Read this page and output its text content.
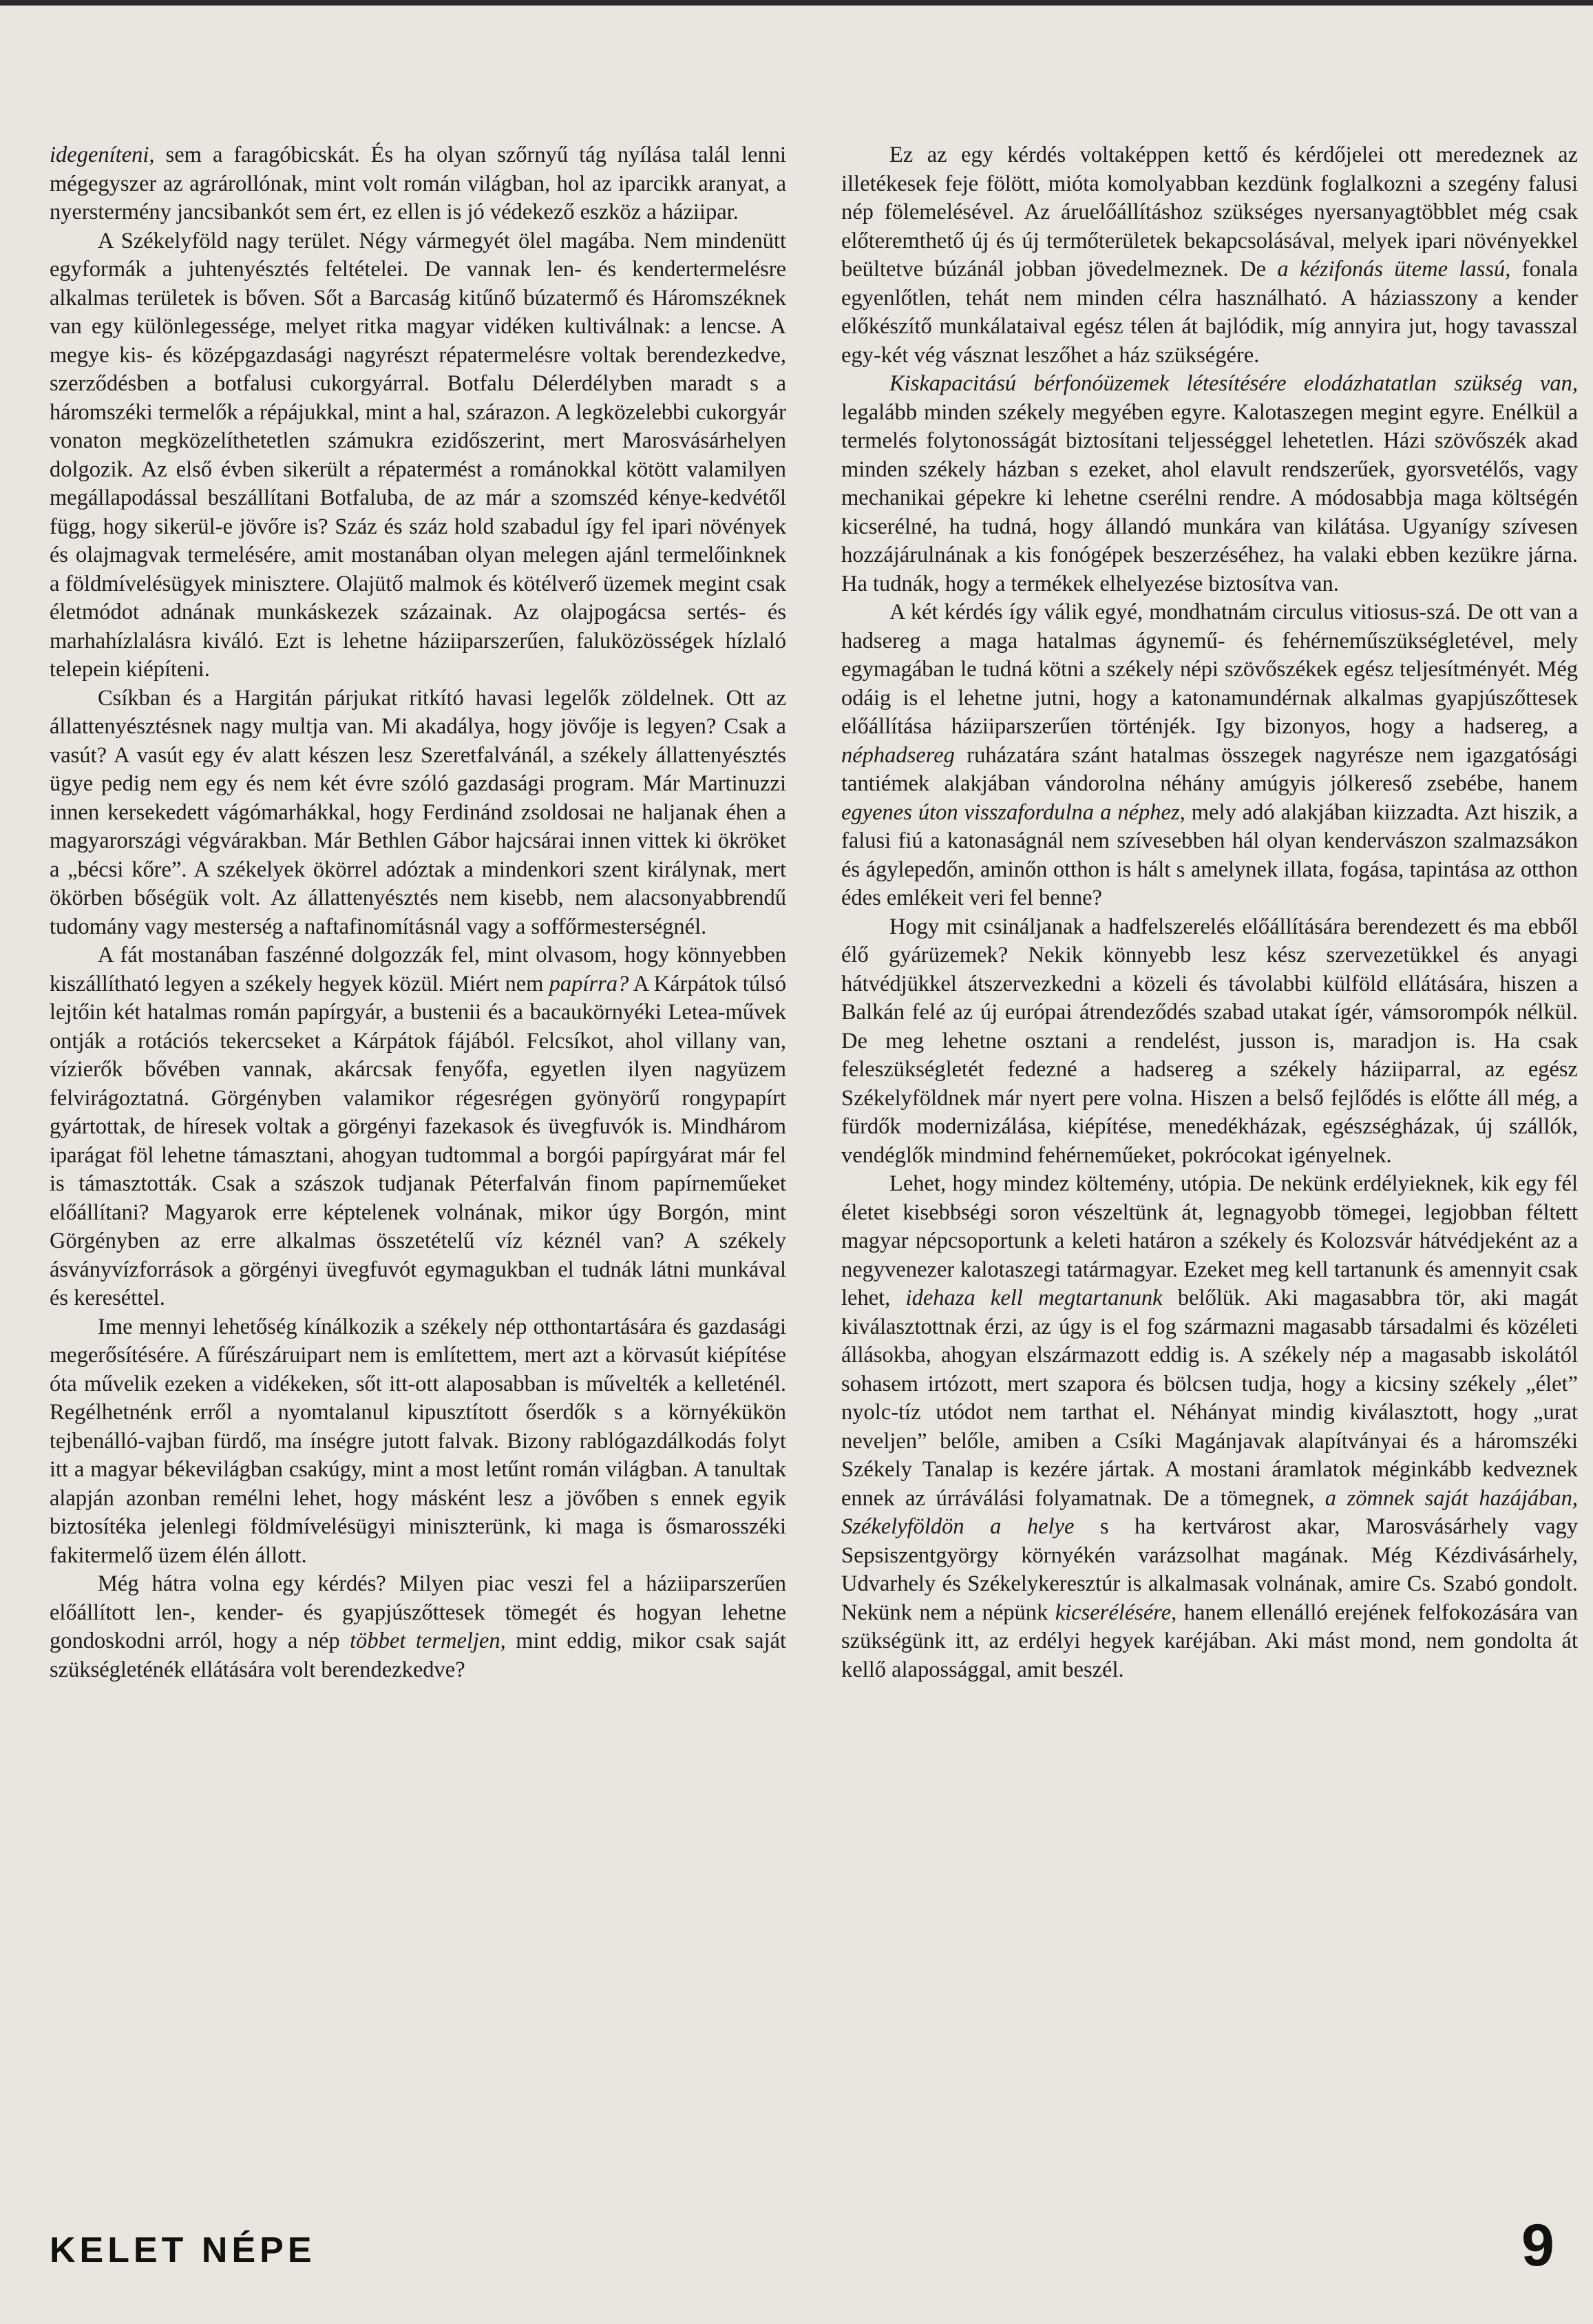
idegeníteni, sem a faragóbicskát. És ha olyan szőrnyű tág nyílása talál lenni mégegyszer az agrárollónak, mint volt román világban, hol az iparcikk aranyat, a nyerstermény jancsibankót sem ért, ez ellen is jó védekező eszköz a háziipar.

A Székelyföld nagy terület. Négy vármegyét ölel magába. Nem mindenütt egyformák a juhtenyésztés feltételei. De vannak len- és kendertermelésre alkalmas területek is bőven. Sőt a Barcaság kitűnő búzatermő és Háromszéknek van egy különlegessége, melyet ritka magyar vidéken kultiválnak: a lencse. A megye kis- és középgazdasági nagyrészt répatermelésre voltak berendezkedve, szerződésben a botfalusi cukorgyárral. Botfalu Délerdélyben maradt s a háromszéki termelők a répájukkal, mint a hal, szárazon. A legközelebbi cukorgyár vonaton megközelíthetetlen számukra ezidőszerint, mert Marosvásárhelyen dolgozik. Az első évben sikerült a répatermést a románokkal kötött valamilyen megállapodással beszállítani Botfaluba, de az már a szomszéd kénye-kedvétől függ, hogy sikerül-e jövőre is? Száz és száz hold szabadul így fel ipari növények és olajmagvak termelésére, amit mostanában olyan melegen ajánl termelőinknek a földmívelésügyek minisztere. Olajütő malmok és kötélverő üzemek megint csak életmódot adnának munkáskezek százainak. Az olajpogácsa sertés- és marhahízlalásra kiváló. Ezt is lehetne háziiparszerűen, faluközösségek hízlaló telepein kiépíteni.

Csíkban és a Hargitán párjukat ritkító havasi legelők zöldelnek. Ott az állattenyésztésnek nagy multja van. Mi akadálya, hogy jövője is legyen? Csak a vasút? A vasút egy év alatt készen lesz Szeretfalvánál, a székely állattenyésztés ügye pedig nem egy és nem két évre szóló gazdasági program. Már Martinuzzi innen kersekedett vágómarhákkal, hogy Ferdinánd zsoldosai ne haljanak éhen a magyarországi végvárakban. Már Bethlen Gábor hajcsárai innen vittek ki ökröket a „bécsi kőre”. A székelyek ökörrel adóztak a mindenkori szent királynak, mert ökörben bőségük volt. Az állattenyésztés nem kisebb, nem alacsonyabbrendű tudomány vagy mesterség a naftafinomításnál vagy a soffőrmesterségnél.

A fát mostanában faszénné dolgozzák fel, mint olvasom, hogy könnyebben kiszállítható legyen a székely hegyek közül. Miért nem papírra? A Kárpátok túlsó lejtőin két hatalmas román papírgyár, a bustenii és a bacaukörnyéki Letea-művek ontják a rotációs tekercseket a Kárpátok fájából. Felcsíkot, ahol villany van, vízierők bővében vannak, akárcsak fenyőfa, egyetlen ilyen nagyüzem felvirágoztatná. Görgényben valamikor régesrégen gyönyörű rongypapírt gyártottak, de híresek voltak a görgényi fazekasok és üvegfuvók is. Mindhárom iparágat föl lehetne támasztani, ahogyan tudtommal a borgói papírgyárat már fel is támasztották. Csak a szászok tudjanak Péterfalván finom papírneműeket előállítani? Magyarok erre képtelenek volnának, mikor úgy Borgón, mint Görgényben az erre alkalmas összetételű víz kéznél van? A székely ásványvízforrások a görgényi üvegfuvót egymagukban el tudnák látni munkával és kereséttel.

Ime mennyi lehetőség kínálkozik a székely nép otthontartására és gazdasági megerősítésére. A fűrészáruipart nem is említettem, mert azt a körvasút kiépítése óta művelik ezeken a vidékeken, sőt itt-ott alaposabban is művelték a kelleténél. Regélhetnénk erről a nyomtalanul kipusztított őserdők s a környékükön tejbenálló-vajban fürdő, ma ínségre jutott falvak. Bizony rablógazdálkodás folyt itt a magyar békevilágban csakúgy, mint a most letűnt román világban. A tanultak alapján azonban remélni lehet, hogy másként lesz a jövőben s ennek egyik biztosítéka jelenlegi földmívelésügyi miniszterünk, ki maga is ősmarosszéki fakitermelő üzem élén állott.

Még hátra volna egy kérdés? Milyen piac veszi fel a háziiparszerűen előállított len-, kender- és gyapjúszőttesek tömegét és hogyan lehetne gondoskodni arról, hogy a nép többet termeljen, mint eddig, mikor csak saját szükségleténék ellátására volt berendezkedve?

Ez az egy kérdés voltaképpen kettő és kérdőjelei ott meredeznek az illetékesek feje fölött, mióta komolyabban kezdünk foglalkozni a szegény falusi nép fölemelésével. Az áruelőállításhoz szükséges nyersanyagtöbblet még csak előteremthető új és új termőterületek bekapcsolásával, melyek ipari növényekkel beültetve búzánál jobban jövedelmeznek. De a kézifonás üteme lassú, fonala egyenlőtlen, tehát nem minden célra használható. A háziasszony a kender előkészítő munkálataival egész télen át bajlódik, míg annyira jut, hogy tavasszal egy-két vég vásznat leszőhet a ház szükségére.

Kiskapacitású bérfonóüzemek létesítésére elodázhatatlan szükség van, legalább minden székely megyében egyre. Kalotaszegen megint egyre. Enélkül a termelés folytonosságát biztosítani teljességgel lehetetlen. Házi szövőszék akad minden székely házban s ezeket, ahol elavult rendszerűek, gyorsvetélős, vagy mechanikai gépekre ki lehetne cserélni rendre. A módosabbja maga költségén kicserélné, ha tudná, hogy állandó munkára van kilátása. Ugyanígy szívesen hozzájárulnának a kis fonógépek beszerzéséhez, ha valaki ebben kezükre járna. Ha tudnák, hogy a termékek elhelyezése biztosítva van.

A két kérdés így válik egyé, mondhatnám circulus vitiosus-szá. De ott van a hadsereg a maga hatalmas ágynemű- és fehérneműszükségletével, mely egymagában le tudná kötni a székely népi szövőszékek egész teljesítményét. Még odáig is el lehetne jutni, hogy a katonamundérnak alkalmas gyapjúszőttesek előállítása háziiparszerűen történjék. Igy bizonyos, hogy a hadsereg, a néphadsereg ruházatára szánt hatalmas összegek nagyrésze nem igazgatósági tantiémek alakjában vándorolna néhány amúgyis jólkereső zsebébe, hanem egyenes úton visszafordulna a néphez, mely adó alakjában kiizzadta. Azt hiszik, a falusi fiú a katonaságnál nem szívesebben hál olyan kendervászon szalmazsákon és ágylepedőn, aminőn otthon is hált s amelynek illata, fogása, tapintása az otthon édes emlékeit veri fel benne?

Hogy mit csináljanak a hadfelszerelés előállítására berendezett és ma ebből élő gyárüzemek? Nekik könnyebb lesz kész szervezetükkel és anyagi hátvédjükkel átszervezkedni a közeli és távolabbi külföld ellátására, hiszen a Balkán felé az új európai átrendeződés szabad utakat ígér, vámsorompók nélkül. De meg lehetne osztani a rendelést, jusson is, maradjon is. Ha csak feleszükségletét fedezné a hadsereg a székely háziiparral, az egész Székelyföldnek már nyert pere volna. Hiszen a belső fejlődés is előtte áll még, a fürdők modernizálása, kiépítése, menedékházak, egészségházak, új szállók, vendéglők mindmind fehérneműeket, pokrócokat igényelnek.

Lehet, hogy mindez költemény, utópia. De nekünk erdélyieknek, kik egy fél életet kisebbségi soron vészeltünk át, legnagyobb tömegei, legjobban féltett magyar népcsoportunk a keleti határon a székely és Kolozsvár hátvédjeként az a negyvenezer kalotaszegi tatármagyar. Ezeket meg kell tartanunk és amennyit csak lehet, idehaza kell megtartanunk belőlük. Aki magasabbra tör, aki magát kiválasztottnak érzi, az úgy is el fog származni magasabb társadalmi és közéleti állásokba, ahogyan elszármazott eddig is. A székely nép a magasabb iskolától sohasem irtózott, mert szapora és bölcsen tudja, hogy a kicsiny székely „élet” nyolc-tíz utódot nem tarthat el. Néhányat mindig kiválasztott, hogy „urat neveljen” belőle, amiben a Csíki Magánjavak alapítványai és a háromszéki Székely Tanalap is kezére jártak. A mostani áramlatok méginkább kedveznek ennek az úrráválási folyamatnak. De a tömegnek, a zömnek saját hazájában, Székelyföldön a helye s ha kertvárost akar, Marosvásárhely vagy Sepsiszentgyörgy környékén varázsolhat magának. Még Kézdivásárhely, Udvarhely és Székelykeresztúr is alkalmasak volnának, amire Cs. Szabó gondolt. Nekünk nem a népünk kicserélésére, hanem ellenálló erejének felfokozására van szükségünk itt, az erdélyi hegyek karéjában. Aki mást mond, nem gondolta át kellő alapossággal, amit beszél.

KELET NÉPE	9
